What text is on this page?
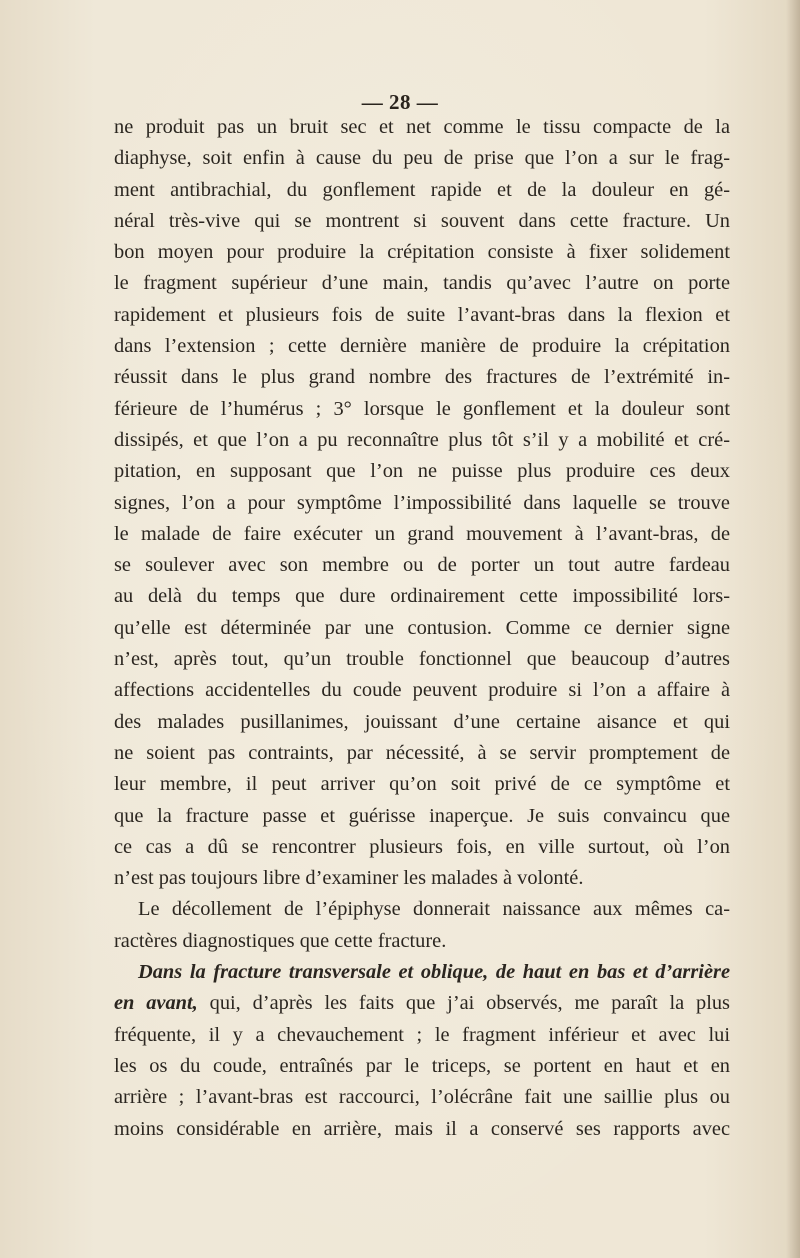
— 28 —
ne produit pas un bruit sec et net comme le tissu compacte de la
diaphyse, soit enfin à cause du peu de prise que l’on a sur le frag-
ment antibrachial, du gonflement rapide et de la douleur en gé-
néral très-vive qui se montrent si souvent dans cette fracture. Un
bon moyen pour produire la crépitation consiste à fixer solidement
le fragment supérieur d’une main, tandis qu’avec l’autre on porte
rapidement et plusieurs fois de suite l’avant-bras dans la flexion et
dans l’extension ; cette dernière manière de produire la crépitation
réussit dans le plus grand nombre des fractures de l’extrémité in-
férieure de l’humérus ; 3° lorsque le gonflement et la douleur sont
dissipés, et que l’on a pu reconnaître plus tôt s’il y a mobilité et cré-
pitation, en supposant que l’on ne puisse plus produire ces deux
signes, l’on a pour symptôme l’impossibilité dans laquelle se trouve
le malade de faire exécuter un grand mouvement à l’avant-bras, de
se soulever avec son membre ou de porter un tout autre fardeau
au delà du temps que dure ordinairement cette impossibilité lors-
qu’elle est déterminée par une contusion. Comme ce dernier signe
n’est, après tout, qu’un trouble fonctionnel que beaucoup d’autres
affections accidentelles du coude peuvent produire si l’on a affaire à
des malades pusillanimes, jouissant d’une certaine aisance et qui
ne soient pas contraints, par nécessité, à se servir promptement de
leur membre, il peut arriver qu’on soit privé de ce symptôme et
que la fracture passe et guérisse inaperçue. Je suis convaincu que
ce cas a dû se rencontrer plusieurs fois, en ville surtout, où l’on
n’est pas toujours libre d’examiner les malades à volonté.
Le décollement de l’épiphyse donnerait naissance aux mêmes ca-
ractères diagnostiques que cette fracture.
Dans la fracture transversale et oblique, de haut en bas et d’arrière
en avant, qui, d’après les faits que j’ai observés, me paraît la plus
fréquente, il y a chevauchement ; le fragment inférieur et avec lui
les os du coude, entraînés par le triceps, se portent en haut et en
arrière ; l’avant-bras est raccourci, l’olécrâne fait une saillie plus ou
moins considérable en arrière, mais il a conservé ses rapports avec
